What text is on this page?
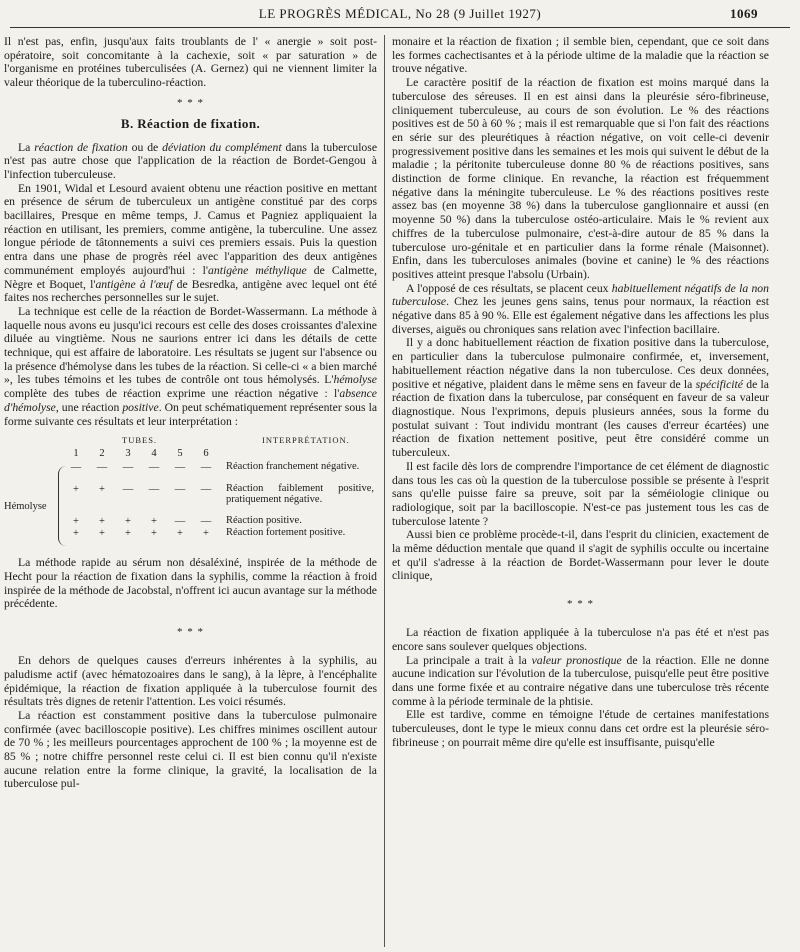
LE PROGRÈS MÉDICAL, No 28 (9 Juillet 1927)	1069

Il n'est pas, enfin, jusqu'aux faits troublants de l' « anergie » soit post-opératoire, soit concomitante à la cachexie, soit « par saturation » de l'organisme en protéines tuberculisées (A. Gernez) qui ne viennent limiter la valeur théorique de la tuberculino-réaction.

* * *
B. Réaction de fixation.

La réaction de fixation ou de déviation du complément dans la tuberculose n'est pas autre chose que l'application de la réaction de Bordet-Gengou à l'infection tuberculeuse.

En 1901, Widal et Lesourd avaient obtenu une réaction positive en mettant en présence de sérum de tuberculeux un antigène constitué par des corps bacillaires, Presque en même temps, J. Camus et Pagniez appliquaient la réaction en utilisant, les premiers, comme antigène, la tuberculine. Une assez longue période de tâtonnements a suivi ces premiers essais. Puis la question entra dans une phase de progrès réel avec l'apparition des deux antigènes communément employés aujourd'hui : l'antigène méthylique de Calmette, Nègre et Boquet, l'antigène à l'œuf de Besredka, antigène avec lequel ont été faites nos recherches personnelles sur le sujet.

La technique est celle de la réaction de Bordet-Wassermann. La méthode à laquelle nous avons eu jusqu'ici recours est celle des doses croissantes d'alexine diluée au vingtième. Nous ne saurions entrer ici dans les détails de cette technique, qui est affaire de laboratoire. Les résultats se jugent sur l'absence ou la présence d'hémolyse dans les tubes de la réaction. Si celle-ci « a bien marché », les tubes témoins et les tubes de contrôle ont tous hémolysés. L'hémolyse complète des tubes de réaction exprime une réaction négative : l'absence d'hémolyse, une réaction positive. On peut schématiquement représenter sous la forme suivante ces résultats et leur interprétation :

TUBES.	INTERPRÉTATION.
1	2	3	4	5	6
Hémolyse
— — — — — — Réaction franchement négative.
+ + — — — — Réaction faiblement positive, pratiquement négative.
+ + + + — — Réaction positive.
+ + + + + + Réaction fortement positive.

La méthode rapide au sérum non désaléxiné, inspirée de la méthode de Hecht pour la réaction de fixation dans la syphilis, comme la réaction à froid inspirée de la méthode de Jacobstal, n'offrent ici aucun avantage sur la méthode précédente.

* * *

En dehors de quelques causes d'erreurs inhérentes à la syphilis, au paludisme actif (avec hématozoaires dans le sang), à la lèpre, à l'encéphalite épidémique, la réaction de fixation appliquée à la tuberculose fournit des résultats très dignes de retenir l'attention. Les voici résumés.

La réaction est constamment positive dans la tuberculose pulmonaire confirmée (avec bacilloscopie positive). Les chiffres minimes oscillent autour de 70 % ; les meilleurs pourcentages approchent de 100 % ; la moyenne est de 85 % ; notre chiffre personnel reste celui ci. Il est bien connu qu'il n'existe aucune relation entre la forme clinique, la gravité, la localisation de la tuberculose pul-

monaire et la réaction de fixation ; il semble bien, cependant, que ce soit dans les formes cachectisantes et à la période ultime de la maladie que la réaction se trouve négative.

Le caractère positif de la réaction de fixation est moins marqué dans la tuberculose des séreuses. Il en est ainsi dans la pleurésie séro-fibrineuse, cliniquement tuberculeuse, au cours de son évolution. Le % des réactions positives est de 50 à 60 % ; mais il est remarquable que si l'on fait des réactions en série sur des pleurétiques à réaction négative, on voit celle-ci devenir progressivement positive dans les semaines et les mois qui suivent le début de la maladie ; la péritonite tuberculeuse donne 80 % de réactions positives, sans distinction de forme clinique. En revanche, la réaction est fréquemment négative dans la méningite tuberculeuse. Le % des réactions positives reste assez bas (en moyenne 38 %) dans la tuberculose ganglionnaire et aussi (en moyenne 50 %) dans la tuberculose ostéo-articulaire. Mais le % revient aux chiffres de la tuberculose pulmonaire, c'est-à-dire autour de 85 % dans la tuberculose uro-génitale et en particulier dans la forme rénale (Maisonnet). Enfin, dans les tuberculoses animales (bovine et canine) le % des réactions positives atteint presque l'absolu (Urbain).

A l'opposé de ces résultats, se placent ceux habituellement négatifs de la non tuberculose. Chez les jeunes gens sains, tenus pour normaux, la réaction est négative dans 85 à 90 %. Elle est également négative dans les affections les plus diverses, aiguës ou chroniques sans relation avec l'infection bacillaire.

Il y a donc habituellement réaction de fixation positive dans la tuberculose, en particulier dans la tuberculose pulmonaire confirmée, et, inversement, habituellement réaction négative dans la non tuberculose. Ces deux données, positive et négative, plaident dans le même sens en faveur de la spécificité de la réaction de fixation dans la tuberculose, par conséquent en faveur de sa valeur diagnostique. Nous l'exprimons, depuis plusieurs années, sous la forme du postulat suivant : Tout individu montrant (les causes d'erreur écartées) une réaction de fixation nettement positive, peut être considéré comme un tuberculeux.

Il est facile dès lors de comprendre l'importance de cet élément de diagnostic dans tous les cas où la question de la tuberculose possible se présente à l'esprit sans qu'elle puisse faire sa preuve, soit par la séméiologie clinique ou radiologique, soit par la bacilloscopie. N'est-ce pas justement tous les cas de tuberculose latente ?

Aussi bien ce problème procède-t-il, dans l'esprit du clinicien, exactement de la même déduction mentale que quand il s'agit de syphilis occulte ou incertaine et qu'il s'adresse à la réaction de Bordet-Wassermann pour lever le doute clinique,

* * *

La réaction de fixation appliquée à la tuberculose n'a pas été et n'est pas encore sans soulever quelques objections.

La principale a trait à la valeur pronostique de la réaction. Elle ne donne aucune indication sur l'évolution de la tuberculose, puisqu'elle peut être positive dans une forme fixée et au contraire négative dans une tuberculose très récente comme à la période terminale de la phtisie.

Elle est tardive, comme en témoigne l'étude de certaines manifestations tuberculeuses, dont le type le mieux connu dans cet ordre est la pleurésie séro-fibrineuse ; on pourrait même dire qu'elle est insuffisante, puisqu'elle
